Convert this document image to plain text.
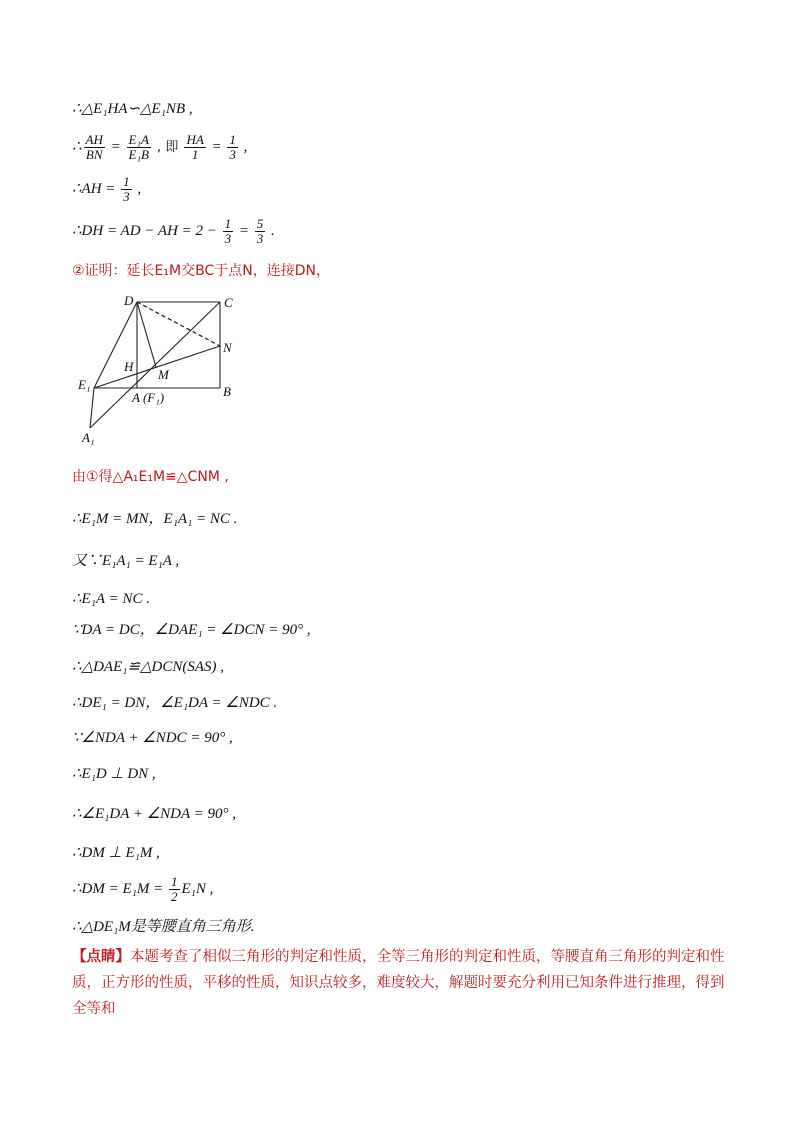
∴△E₁HA∽△E₁NB ,
∴ $\frac{AH}{BN} = \frac{\text{E₁A}}{\text{E₁B}}$ , 即 $\frac{HA}{1} = \frac{1}{3}$ ,
∴AH = $\frac{1}{3}$ ,
∴DH = AD − AH = $2 - \frac{1}{3} = \frac{5}{3}$ .
②证明：延长E₁M交BC于点N，连接DN，
D	C
N
H
M
E₁	B
A (F₁)
A₁
由①得△A₁E₁M≌△CNM ,
∴E₁M = MN，E₁A₁ = NC .
又∵E₁A₁ = E₁A ,
∴E₁A = NC .
∵DA = DC，∠DAE₁ = ∠DCN = 90° ,
∴△DAE₁≌△DCN(SAS) ,
∴DE₁ = DN，∠E₁DA = ∠NDC .
∵∠NDA + ∠NDC = 90° ,
∴E₁D ⊥ DN ,
∴∠E₁DA + ∠NDA = 90° ,
∴DM ⊥ E₁M ,
∴DM = $E_1M = \frac{1}{2} E_1N$ ,
∴△DE₁M是等腰直角三角形.
【点睛】本题考查了相似三角形的判定和性质，全等三角形的判定和性质，等腰直角三角形的判定和性质，正方形的性质，平移的性质，知识点较多，难度较大，解题时要充分利用已知条件进行推理，得到全等和
